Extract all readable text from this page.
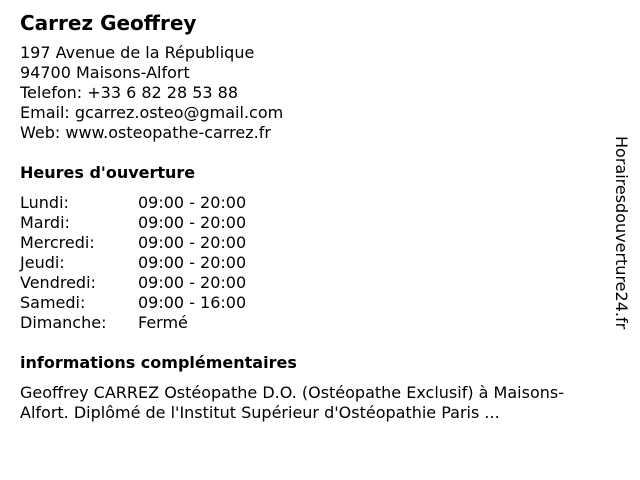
Carrez Geoffrey
197 Avenue de la République
94700 Maisons-Alfort
Telefon: +33 6 82 28 53 88
Email: gcarrez.osteo@gmail.com
Web: www.osteopathe-carrez.fr
Heures d'ouverture
Lundi:	09:00 - 20:00
Mardi:	09:00 - 20:00
Mercredi:	09:00 - 20:00
Jeudi:	09:00 - 20:00
Vendredi:	09:00 - 20:00
Samedi:	09:00 - 16:00
Dimanche:	Fermé
informations complémentaires
Geoffrey CARREZ Ostéopathe D.O. (Ostéopathe Exclusif) à Maisons-Alfort. Diplômé de l'Institut Supérieur d'Ostéopathie Paris ...
Horairesdouverture24.fr
